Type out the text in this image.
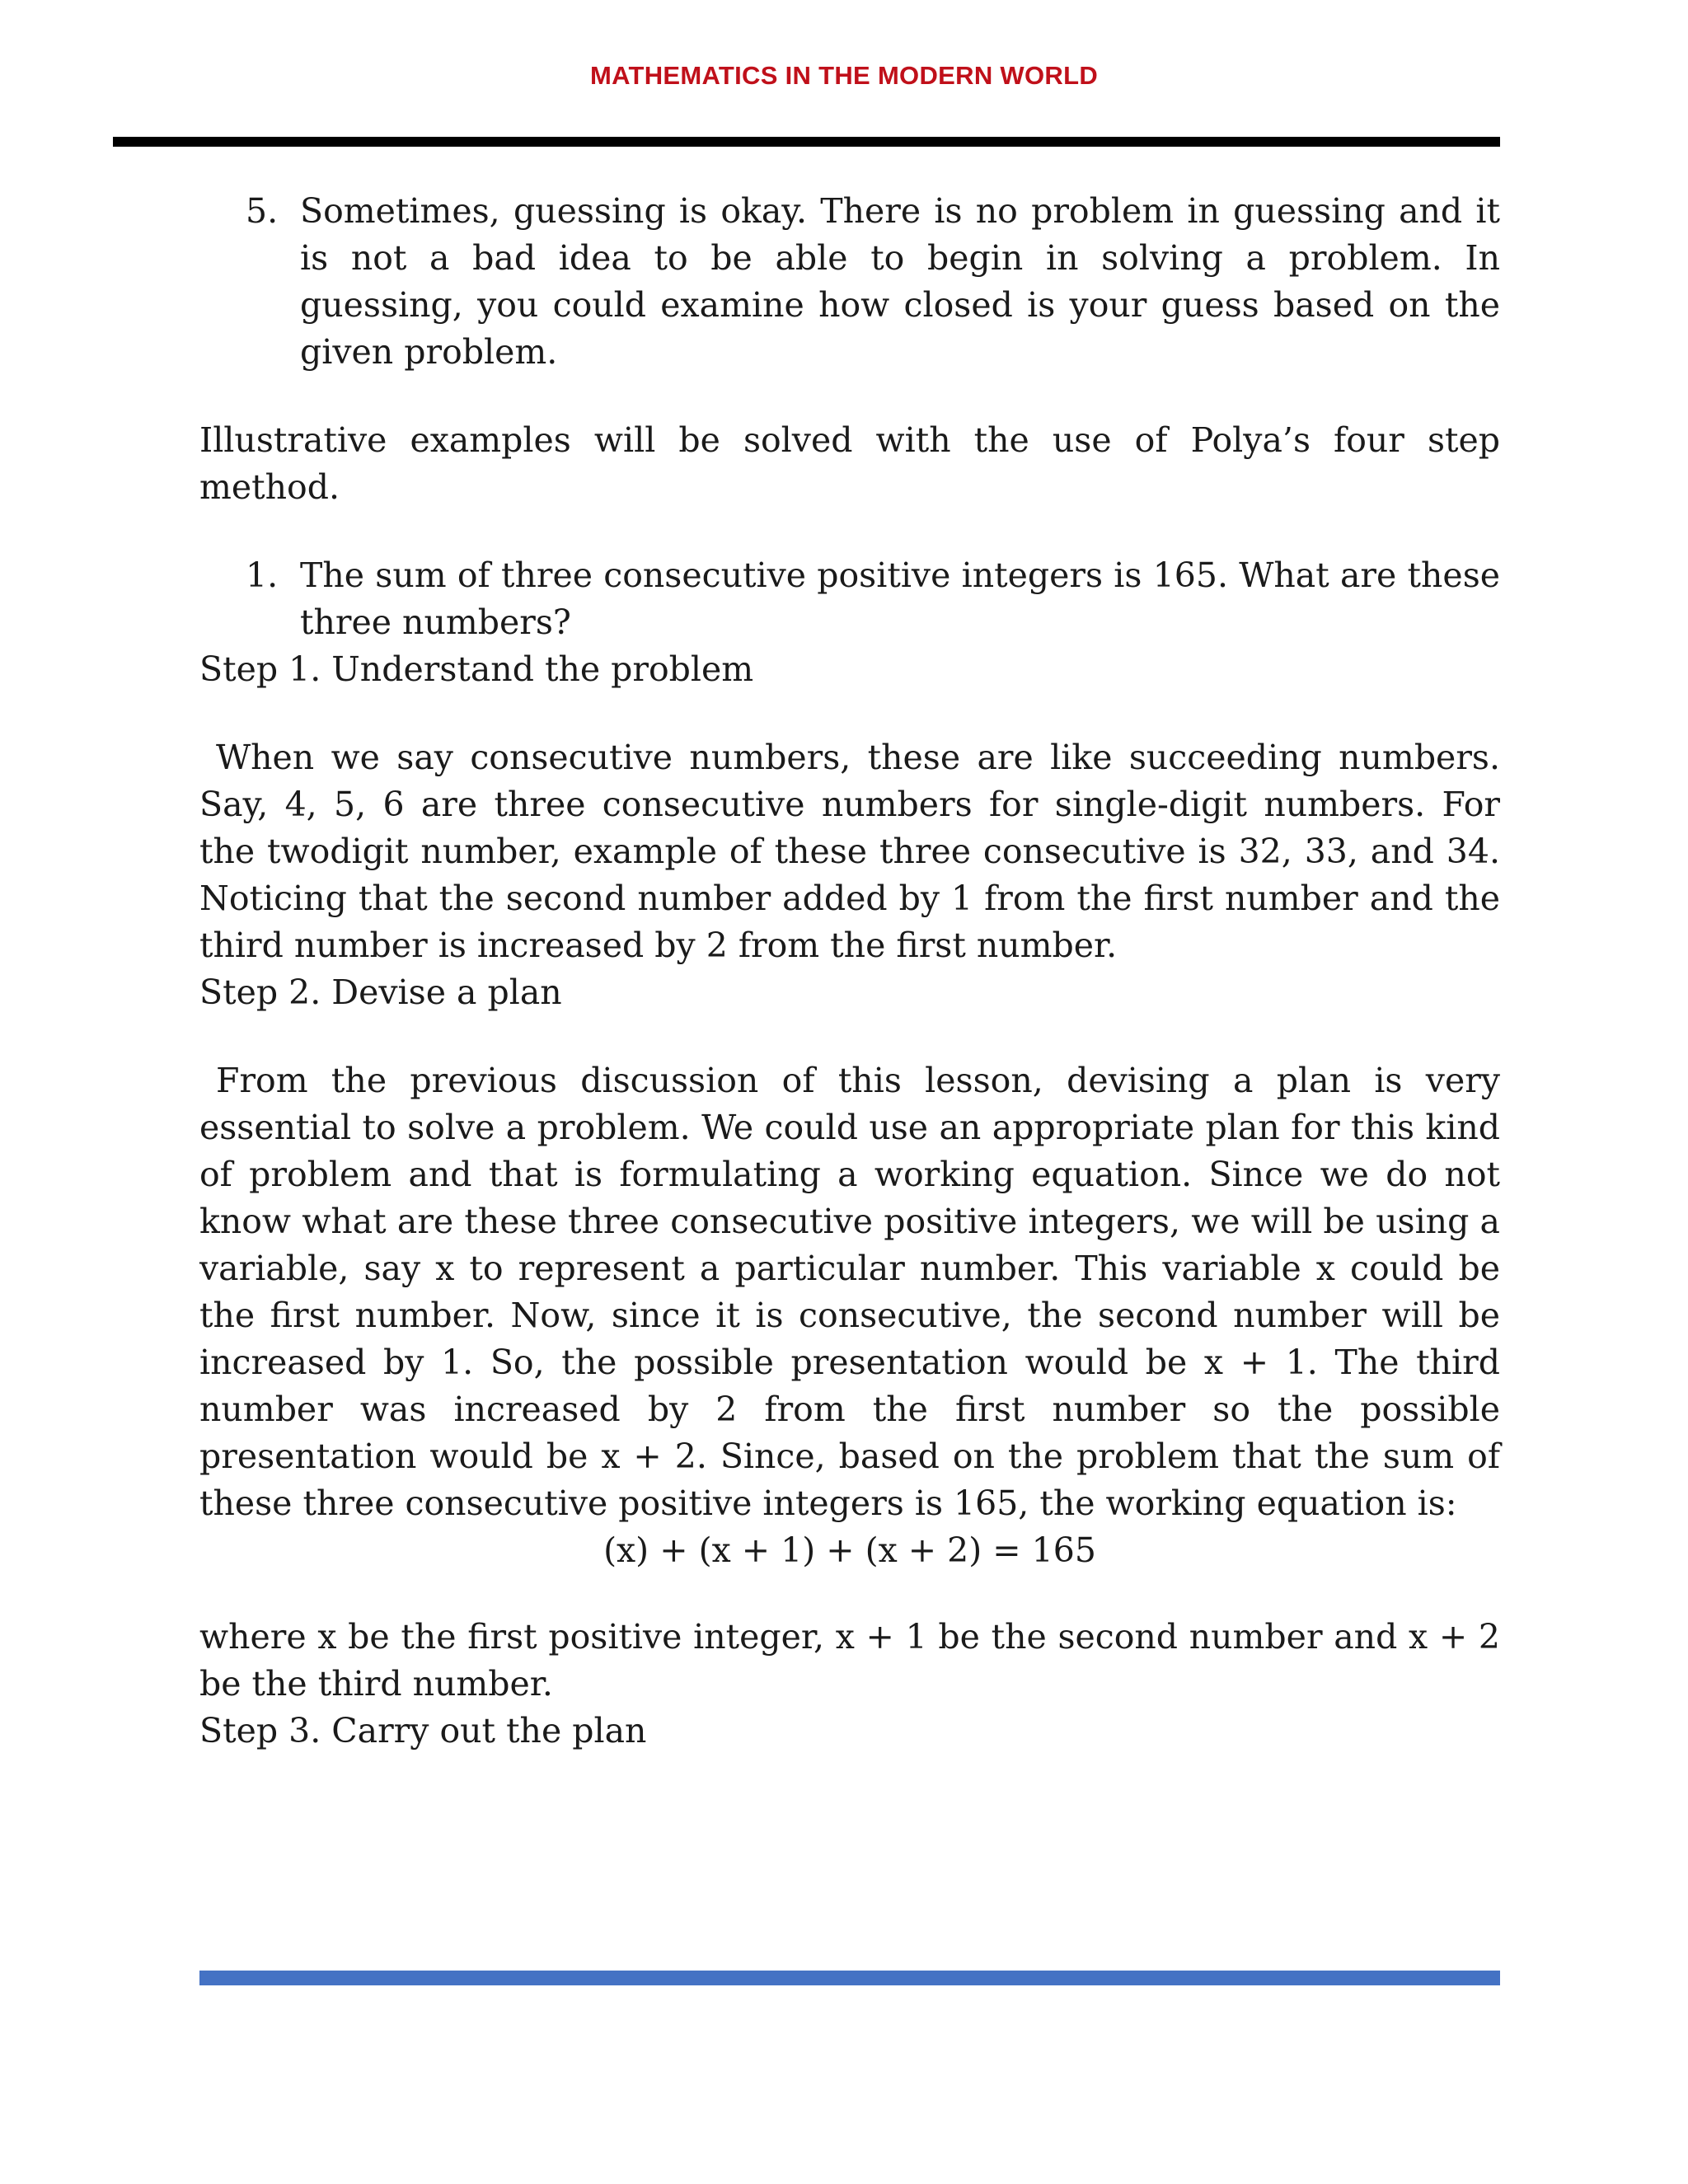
MATHEMATICS IN THE MODERN WORLD
5. Sometimes, guessing is okay. There is no problem in guessing and it is not a bad idea to be able to begin in solving a problem. In guessing, you could examine how closed is your guess based on the given problem.

Illustrative examples will be solved with the use of Polya’s four step method.

1. The sum of three consecutive positive integers is 165. What are these three numbers?

Step 1. Understand the problem

When we say consecutive numbers, these are like succeeding numbers. Say, 4, 5, 6 are three consecutive numbers for single-digit numbers. For the twodigit number, example of these three consecutive is 32, 33, and 34. Noticing that the second number added by 1 from the first number and the third number is increased by 2 from the first number.

Step 2. Devise a plan

From the previous discussion of this lesson, devising a plan is very essential to solve a problem. We could use an appropriate plan for this kind of problem and that is formulating a working equation. Since we do not know what are these three consecutive positive integers, we will be using a variable, say x to represent a particular number. This variable x could be the first number. Now, since it is consecutive, the second number will be increased by 1. So, the possible presentation would be x + 1. The third number was increased by 2 from the first number so the possible presentation would be x + 2. Since, based on the problem that the sum of these three consecutive positive integers is 165, the working equation is:

(x) + (x + 1) + (x + 2) = 165

where x be the first positive integer, x + 1 be the second number and x + 2 be the third number.

Step 3. Carry out the plan
